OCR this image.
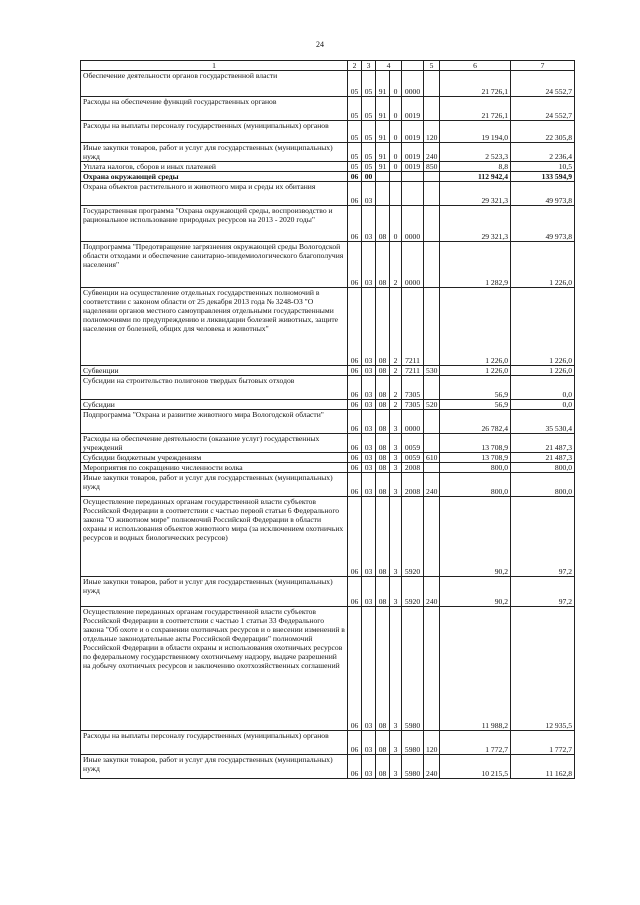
24
1	2	3	4			5	6	7
Обеспечение деятельности органов государственной власти	05	05	91	0	0000		21 726,1	24 552,7
Расходы на обеспечение функций государственных органов	05	05	91	0	0019		21 726,1	24 552,7
Расходы на выплаты персоналу государственных (муниципальных) органов	05	05	91	0	0019	120	19 194,0	22 305,8
Иные закупки товаров, работ и услуг для государственных (муниципальных) нужд	05	05	91	0	0019	240	2 523,3	2 236,4
Уплата налогов, сборов и иных платежей	05	05	91	0	0019	850	8,8	10,5
Охрана окружающей среды	06	00					112 942,4	133 594,9
Охрана объектов растительного и животного мира и среды их обитания	06	03					29 321,3	49 973,8
Государственная программа "Охрана окружающей среды, воспроизводство и рациональное использование природных ресурсов на 2013 - 2020 годы"	06	03	08	0	0000		29 321,3	49 973,8
Подпрограмма "Предотвращение загрязнения окружающей среды Вологодской области отходами и обеспечение санитарно-эпидемиологического благополучия населения"	06	03	08	2	0000		1 282,9	1 226,0
Субвенции на осуществление отдельных государственных полномочий в соответствии с законом области от 25 декабря 2013 года № 3248-ОЗ "О наделении органов местного самоуправления отдельными государственными полномочиями по предупреждению и ликвидации болезней животных, защите населения от болезней, общих для человека и животных"	06	03	08	2	7211		1 226,0	1 226,0
Субвенции	06	03	08	2	7211	530	1 226,0	1 226,0
Субсидии на строительство полигонов твердых бытовых отходов	06	03	08	2	7305		56,9	0,0
Субсидии	06	03	08	2	7305	520	56,9	0,0
Подпрограмма "Охрана и развитие животного мира Вологодской области"	06	03	08	3	0000		26 782,4	35 530,4
Расходы на обеспечение деятельности (оказание услуг) государственных учреждений	06	03	08	3	0059		13 708,9	21 487,3
Субсидии бюджетным учреждениям	06	03	08	3	0059	610	13 708,9	21 487,3
Мероприятия по сокращению численности волка	06	03	08	3	2008		800,0	800,0
Иные закупки товаров, работ и услуг для государственных (муниципальных) нужд	06	03	08	3	2008	240	800,0	800,0
Осуществление переданных органам государственной власти субъектов Российской Федерации в соответствии с частью первой статьи 6 Федерального закона "О животном мире" полномочий Российской Федерации в области охраны и использования объектов животного мира (за исключением охотничьих ресурсов и водных биологических ресурсов)	06	03	08	3	5920		90,2	97,2
Иные закупки товаров, работ и услуг для государственных (муниципальных) нужд	06	03	08	3	5920	240	90,2	97,2
Осуществление переданных органам государственной власти субъектов Российской Федерации в соответствии с частью 1 статьи 33 Федерального закона "Об охоте и о сохранении охотничьих ресурсов и о внесении изменений в отдельные законодательные акты Российской Федерации" полномочий Российской Федерации в области охраны и использования охотничьих ресурсов по федеральному государственному охотничьему надзору, выдаче разрешений на добычу охотничьих ресурсов и заключению охотхозяйственных соглашений	06	03	08	3	5980		11 988,2	12 935,5
Расходы на выплаты персоналу государственных (муниципальных) органов	06	03	08	3	5980	120	1 772,7	1 772,7
Иные закупки товаров, работ и услуг для государственных (муниципальных) нужд	06	03	08	3	5980	240	10 215,5	11 162,8
